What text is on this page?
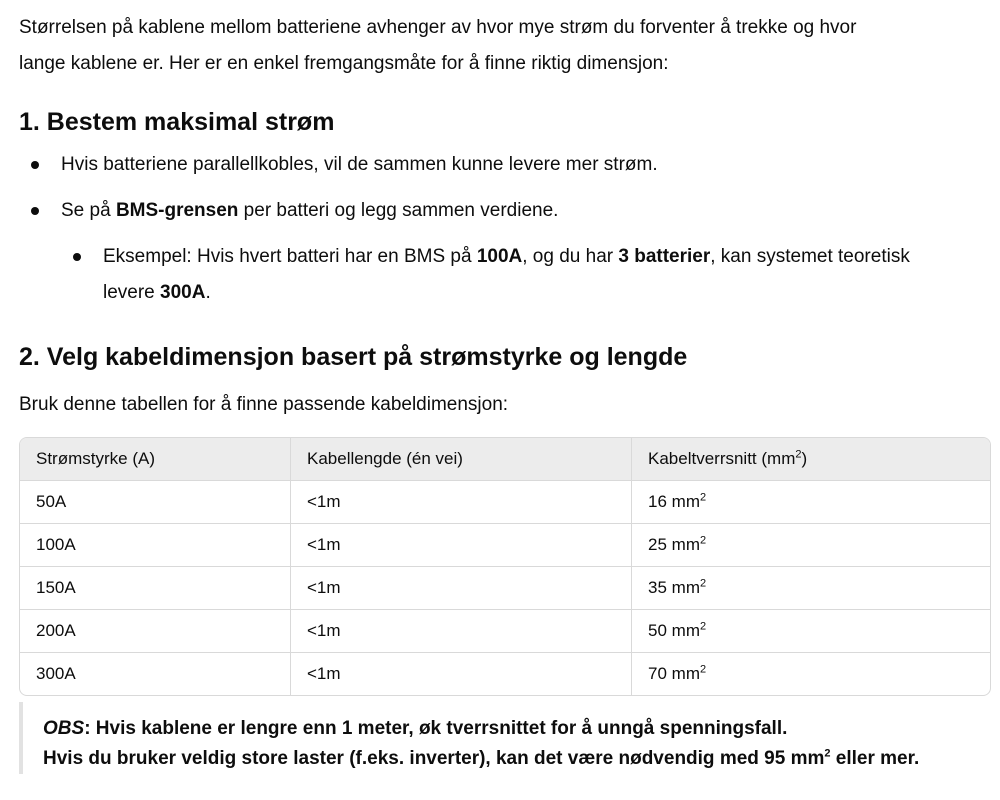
Størrelsen på kablene mellom batteriene avhenger av hvor mye strøm du forventer å trekke og hvor
lange kablene er. Her er en enkel fremgangsmåte for å finne riktig dimensjon:

1. Bestem maksimal strøm
Hvis batteriene parallellkobles, vil de sammen kunne levere mer strøm.
Se på BMS-grensen per batteri og legg sammen verdiene.
Eksempel: Hvis hvert batteri har en BMS på 100A, og du har 3 batterier, kan systemet teoretisk
levere 300A.
2. Velg kabeldimensjon basert på strømstyrke og lengde

Bruk denne tabellen for å finne passende kabeldimensjon:

Strømstyrke (A)	Kabellengde (én vei)	Kabeltverrsnitt $(mm^2)$
50A	<1m	16 $mm^2$
100A	<1m	25 $mm^2$
150A	<1m	35 $mm^2$
200A	<1m	50 $mm^2$
300A	<1m	70 $mm^2$
OBS: Hvis kablene er lengre enn 1 meter, øk tverrsnittet for å unngå spenningsfall.
Hvis du bruker veldig store laster (f.eks. inverter), kan det være nødvendig med 95 $mm^2$ eller mer.
